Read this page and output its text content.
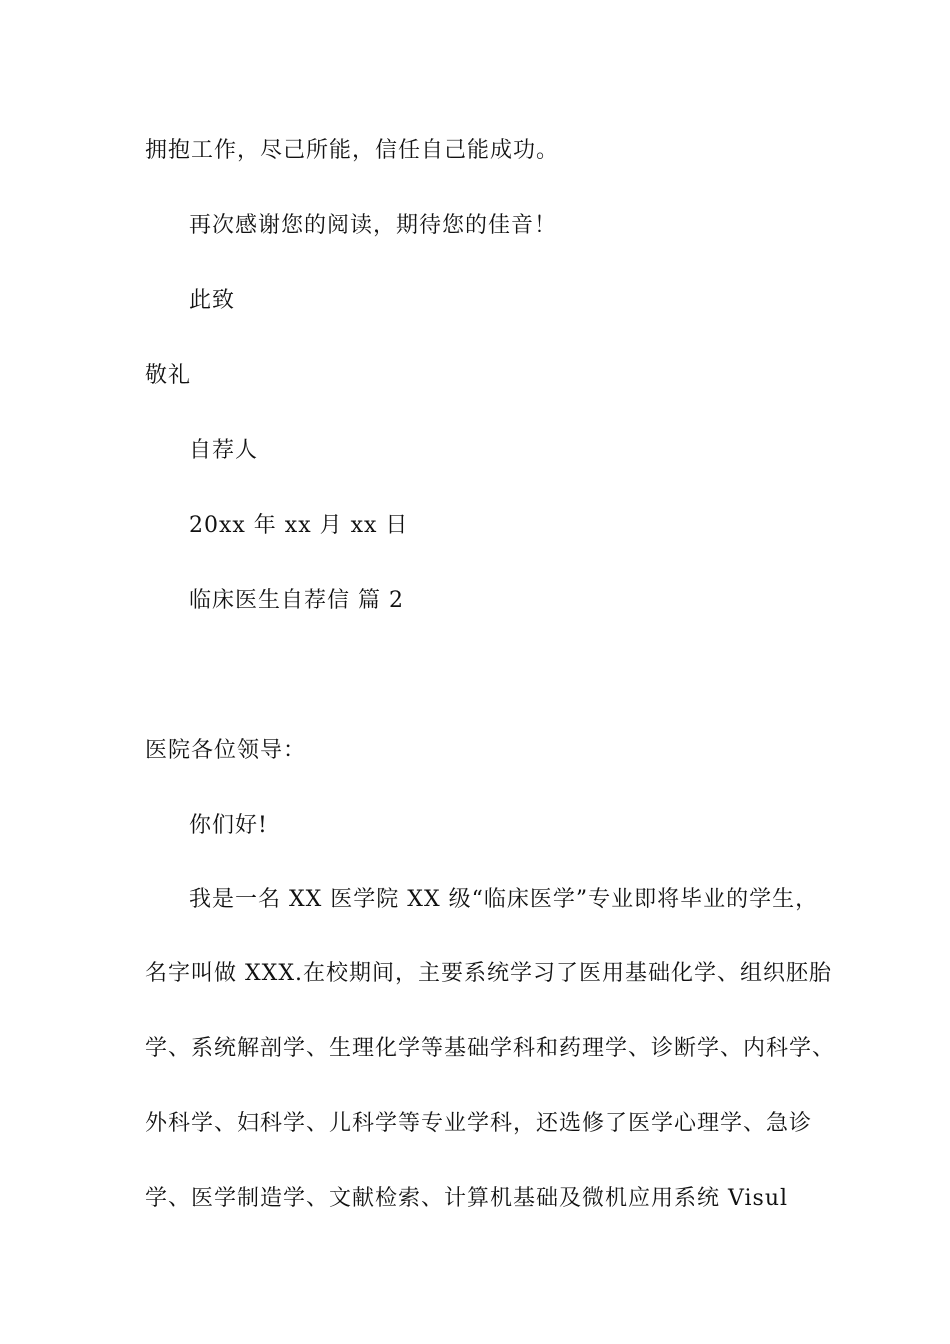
拥抱工作，尽己所能，信任自己能成功。
再次感谢您的阅读，期待您的佳音！
此致
敬礼
自荐人
20xx 年 xx 月 xx 日
临床医生自荐信 篇 2
医院各位领导：
你们好!
我是一名 XX 医学院 XX 级“临床医学”专业即将毕业的学生，
名字叫做 XXX.在校期间，主要系统学习了医用基础化学、组织胚胎
学、系统解剖学、生理化学等基础学科和药理学、诊断学、内科学、
外科学、妇科学、儿科学等专业学科，还选修了医学心理学、急诊
学、医学制造学、文献检索、计算机基础及微机应用系统 Visul
